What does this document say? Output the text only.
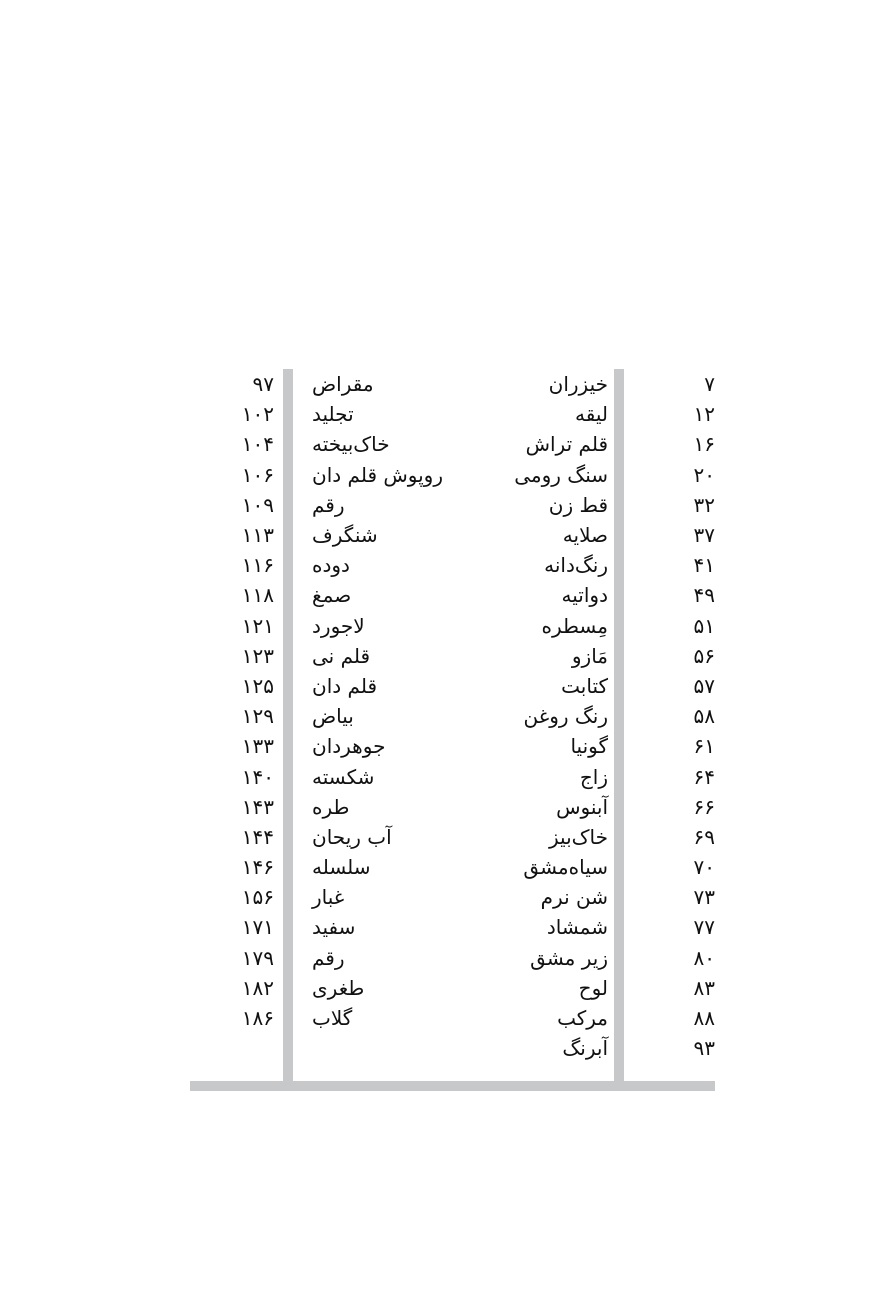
۷
۱۲
۱۶
۲۰
۳۲
۳۷
۴۱
۴۹
۵۱
۵۶
۵۷
۵۸
۶۱
۶۴
۶۶
۶۹
۷۰
۷۳
۷۷
۸۰
۸۳
۸۸
۹۳
خیزران
لیقه
قلم تراش
سنگ رومی
قط زن
صلایه
رنگ‌دانه
دواتیه
مِسطره
مَازو
کتابت
رنگ روغن
گونیا
زاج
آبنوس
خاک‌بیز
سیاه‌مشق
شن نرم
شمشاد
زیر مشق
لوح
مرکب
آبرنگ
مقراض
تجلید
خاک‌بیخته
روپوش قلم دان
رقم
شنگرف
دوده
صمغ
لاجورد
قلم نی
قلم دان
بیاض
جوهردان
شکسته
طره
آب ریحان
سلسله
غبار
سفید
رقم
طغری
گلاب
۹۷
۱۰۲
۱۰۴
۱۰۶
۱۰۹
۱۱۳
۱۱۶
۱۱۸
۱۲۱
۱۲۳
۱۲۵
۱۲۹
۱۳۳
۱۴۰
۱۴۳
۱۴۴
۱۴۶
۱۵۶
۱۷۱
۱۷۹
۱۸۲
۱۸۶
